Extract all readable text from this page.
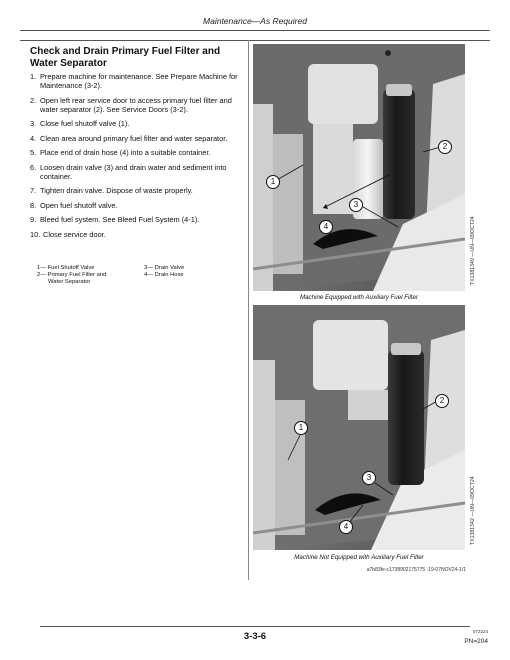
Maintenance—As Required
Check and Drain Primary Fuel Filter and Water Separator
1. Prepare machine for maintenance. See Prepare Machine for Maintenance (3-2).
2. Open left rear service door to access primary fuel filter and water separator (2). See Service Doors (3-2).
3. Close fuel shutoff valve (1).
4. Clean area around primary fuel filter and water separator.
5. Place end of drain hose (4) into a suitable container.
6. Loosen drain valve (3) and drain water and sediment into container.
7. Tighten drain valve. Dispose of waste properly.
8. Open fuel shutoff valve.
9. Bleed fuel system. See Bleed Fuel System (4-1).
10. Close service door.
1— Fuel Shutoff Valve	3— Drain Valve
2— Primary Fuel Filter and	4— Drain Hose
Water Separator
2
1
3
4	TX1381349 —UN—09OCT24
Machine Equipped with Auxiliary Fuel Filter
2
1
3
4	TX1381342 —UN—09OCT24
Machine Not Equipped with Auxiliary Fuel Filter
a7b83fe-c1738902175775 -19-07NOV24-1/1
3-3-6	072224
PN=204
